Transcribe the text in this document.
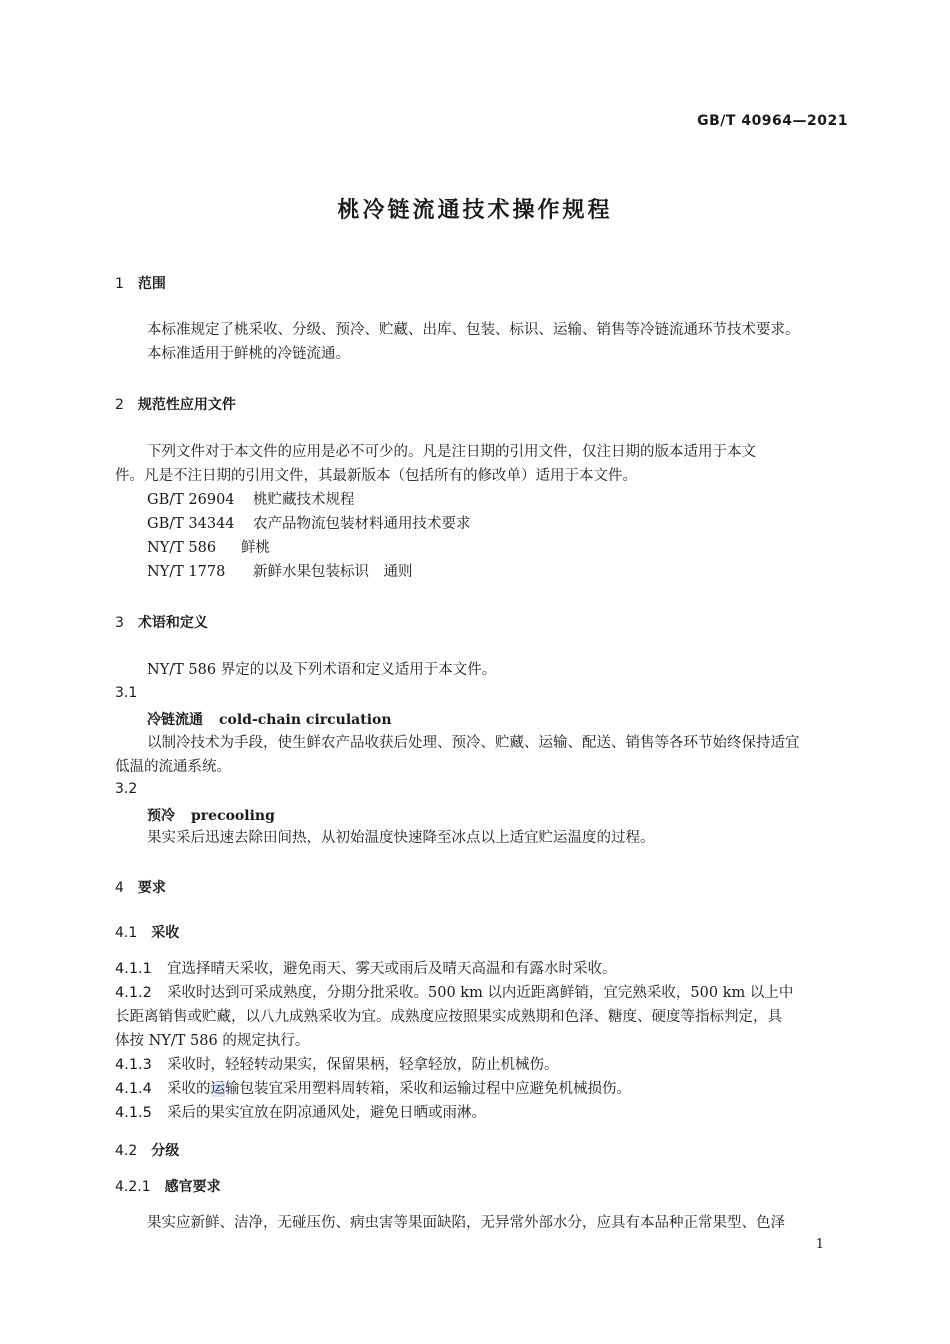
GB/T 40964—2021
桃冷链流通技术操作规程
1 范围
本标准规定了桃采收、分级、预冷、贮藏、出库、包装、标识、运输、销售等冷链流通环节技术要求。
本标准适用于鲜桃的冷链流通。
2 规范性应用文件
下列文件对于本文件的应用是必不可少的。凡是注日期的引用文件，仅注日期的版本适用于本文
件。凡是不注日期的引用文件，其最新版本（包括所有的修改单）适用于本文件。
GB/T 26904 桃贮藏技术规程
GB/T 34344 农产品物流包装材料通用技术要求
NY/T 586 鲜桃
NY/T 1778 新鲜水果包装标识　通则
3 术语和定义
NY/T 586 界定的以及下列术语和定义适用于本文件。
3.1
冷链流通 cold-chain circulation
以制冷技术为手段，使生鲜农产品收获后处理、预冷、贮藏、运输、配送、销售等各环节始终保持适宜
低温的流通系统。
3.2
预冷 precooling
果实采后迅速去除田间热，从初始温度快速降至冰点以上适宜贮运温度的过程。
4 要求
4.1 采收
4.1.1 宜选择晴天采收，避免雨天、雾天或雨后及晴天高温和有露水时采收。
4.1.2 采收时达到可采成熟度，分期分批采收。500 km 以内近距离鲜销，宜完熟采收，500 km 以上中
长距离销售或贮藏，以八九成熟采收为宜。成熟度应按照果实成熟期和色泽、糖度、硬度等指标判定，具
体按 NY/T 586 的规定执行。
4.1.3 采收时，轻轻转动果实，保留果柄，轻拿轻放，防止机械伤。
4.1.4 采收的运输包装宜采用塑料周转箱，采收和运输过程中应避免机械损伤。
4.1.5 采后的果实宜放在阴凉通风处，避免日晒或雨淋。
4.2 分级
4.2.1 感官要求
果实应新鲜、洁净，无碰压伤、病虫害等果面缺陷，无异常外部水分，应具有本品种正常果型、色泽
1
